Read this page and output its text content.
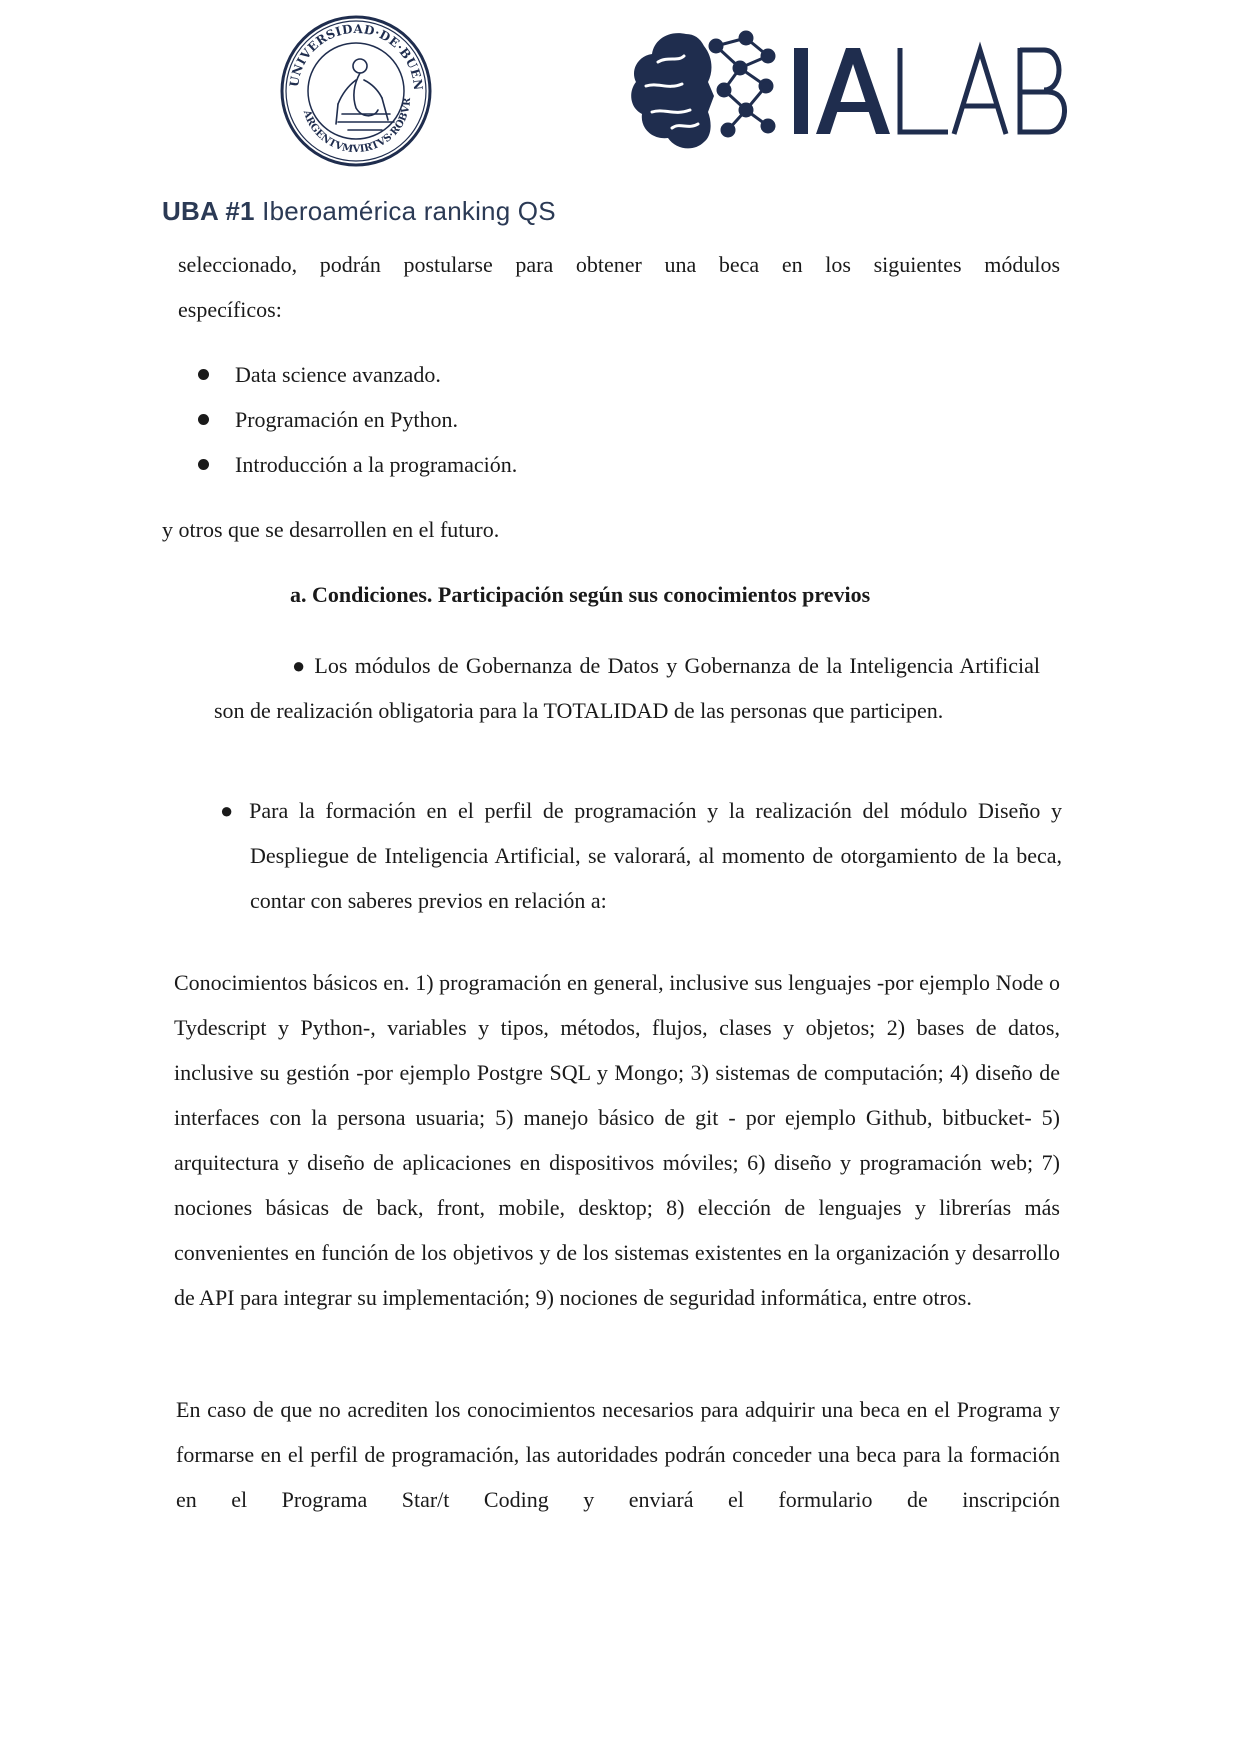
UNIVERSIDAD·DE·BUEN
ARGENTVMVIRTVS·ROBVR
UBA #1 Iberoamérica ranking QS
seleccionado, podrán postularse para obtener una beca en los siguientes módulos
específicos:
Data science avanzado.
Programación en Python.
Introducción a la programación.
y otros que se desarrollen en el futuro.
a. Condiciones. Participación según sus conocimientos previos
● Los módulos de Gobernanza de Datos y Gobernanza de la Inteligencia Artificial son de realización obligatoria para la TOTALIDAD de las personas que participen.
● Para la formación en el perfil de programación y la realización del módulo Diseño y Despliegue de Inteligencia Artificial, se valorará, al momento de otorgamiento de la beca, contar con saberes previos en relación a:
Conocimientos básicos en. 1) programación en general, inclusive sus lenguajes -por ejemplo Node o Tydescript y Python-, variables y tipos, métodos, flujos, clases y objetos; 2) bases de datos, inclusive su gestión -por ejemplo Postgre SQL y Mongo; 3) sistemas de computación; 4) diseño de interfaces con la persona usuaria; 5) manejo básico de git - por ejemplo Github, bitbucket- 5) arquitectura y diseño de aplicaciones en dispositivos móviles; 6) diseño y programación web; 7) nociones básicas de back, front, mobile, desktop; 8) elección de lenguajes y librerías más convenientes en función de los objetivos y de los sistemas existentes en la organización y desarrollo de API para integrar su implementación; 9) nociones de seguridad informática, entre otros.
En caso de que no acrediten los conocimientos necesarios para adquirir una beca en el Programa y formarse en el perfil de programación, las autoridades podrán conceder una beca para la formación en el Programa Star/t Coding y enviará el formulario de inscripción
